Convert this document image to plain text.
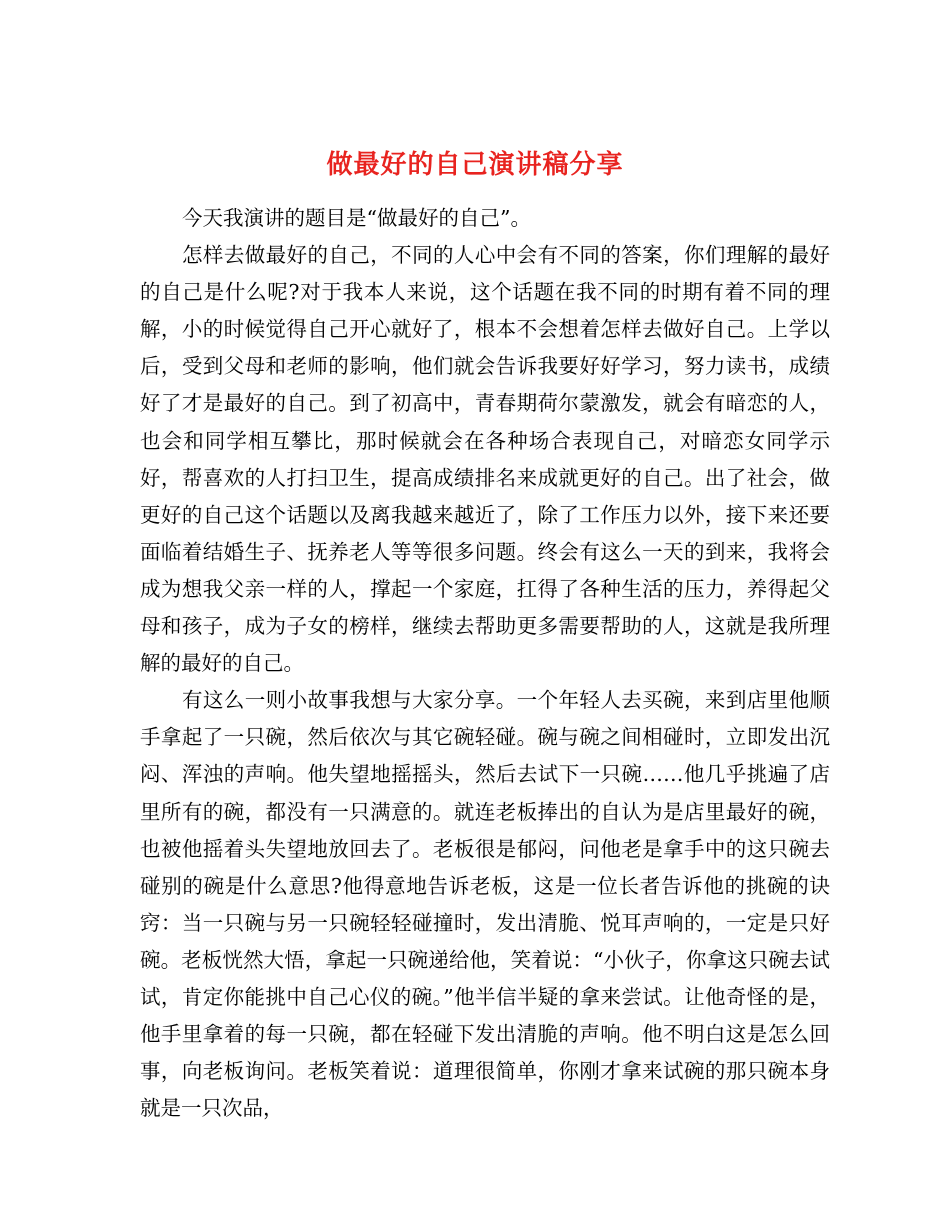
做最好的自己演讲稿分享

今天我演讲的题目是“做最好的自己”。

怎样去做最好的自己，不同的人心中会有不同的答案，你们理解的最好的自己是什么呢?对于我本人来说，这个话题在我不同的时期有着不同的理解，小的时候觉得自己开心就好了，根本不会想着怎样去做好自己。上学以后，受到父母和老师的影响，他们就会告诉我要好好学习，努力读书，成绩好了才是最好的自己。到了初高中，青春期荷尔蒙激发，就会有暗恋的人，也会和同学相互攀比，那时候就会在各种场合表现自己，对暗恋女同学示好，帮喜欢的人打扫卫生，提高成绩排名来成就更好的自己。出了社会，做更好的自己这个话题以及离我越来越近了，除了工作压力以外，接下来还要面临着结婚生子、抚养老人等等很多问题。终会有这么一天的到来，我将会成为想我父亲一样的人，撑起一个家庭，扛得了各种生活的压力，养得起父母和孩子，成为子女的榜样，继续去帮助更多需要帮助的人，这就是我所理解的最好的自己。

有这么一则小故事我想与大家分享。一个年轻人去买碗，来到店里他顺手拿起了一只碗，然后依次与其它碗轻碰。碗与碗之间相碰时，立即发出沉闷、浑浊的声响。他失望地摇摇头，然后去试下一只碗……他几乎挑遍了店里所有的碗，都没有一只满意的。就连老板捧出的自认为是店里最好的碗，也被他摇着头失望地放回去了。老板很是郁闷，问他老是拿手中的这只碗去碰别的碗是什么意思?他得意地告诉老板，这是一位长者告诉他的挑碗的诀窍：当一只碗与另一只碗轻轻碰撞时，发出清脆、悦耳声响的，一定是只好碗。老板恍然大悟，拿起一只碗递给他，笑着说：“小伙子，你拿这只碗去试试，肯定你能挑中自己心仪的碗。”他半信半疑的拿来尝试。让他奇怪的是，他手里拿着的每一只碗，都在轻碰下发出清脆的声响。他不明白这是怎么回事，向老板询问。老板笑着说：道理很简单，你刚才拿来试碗的那只碗本身就是一只次品，
